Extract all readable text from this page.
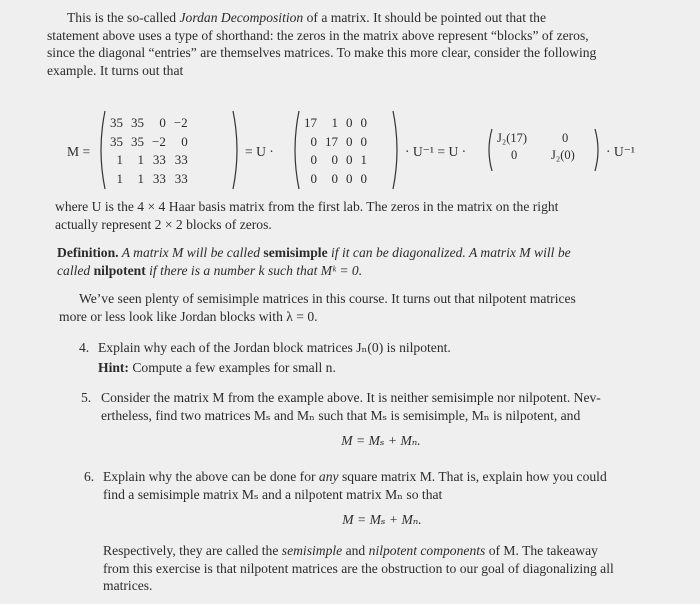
This is the so-called Jordan Decomposition of a matrix. It should be pointed out that the
statement above uses a type of shorthand: the zeros in the matrix above represent “blocks” of zeros,
since the diagonal “entries” are themselves matrices. To make this more clear, consider the following
example. It turns out that
M =
35 35	0 −2
35 35 −2	0
1	1 33 33
1	1 33 33
= U ·
17	1 0 0
0 17 0 0
0	0 0 1
0	0 0 0
· U⁻¹ = U ·
J₂(17)	0
0	J₂(0) · U⁻¹
where U is the 4 × 4 Haar basis matrix from the first lab. The zeros in the matrix on the right
actually represent 2 × 2 blocks of zeros.
Definition. A matrix M will be called semisimple if it can be diagonalized. A matrix M will be
called nilpotent if there is a number k such that Mᵏ = 0.
We’ve seen plenty of semisimple matrices in this course. It turns out that nilpotent matrices
more or less look like Jordan blocks with λ = 0.
4. Explain why each of the Jordan block matrices Jₙ(0) is nilpotent.
Hint: Compute a few examples for small n.
5. Consider the matrix M from the example above. It is neither semisimple nor nilpotent. Nev-
ertheless, find two matrices Mₛ and Mₙ such that Mₛ is semisimple, Mₙ is nilpotent, and
M = Mₛ + Mₙ.
6. Explain why the above can be done for any square matrix M. That is, explain how you could
find a semisimple matrix Mₛ and a nilpotent matrix Mₙ so that
M = Mₛ + Mₙ.
Respectively, they are called the semisimple and nilpotent components of M. The takeaway
from this exercise is that nilpotent matrices are the obstruction to our goal of diagonalizing all
matrices.
